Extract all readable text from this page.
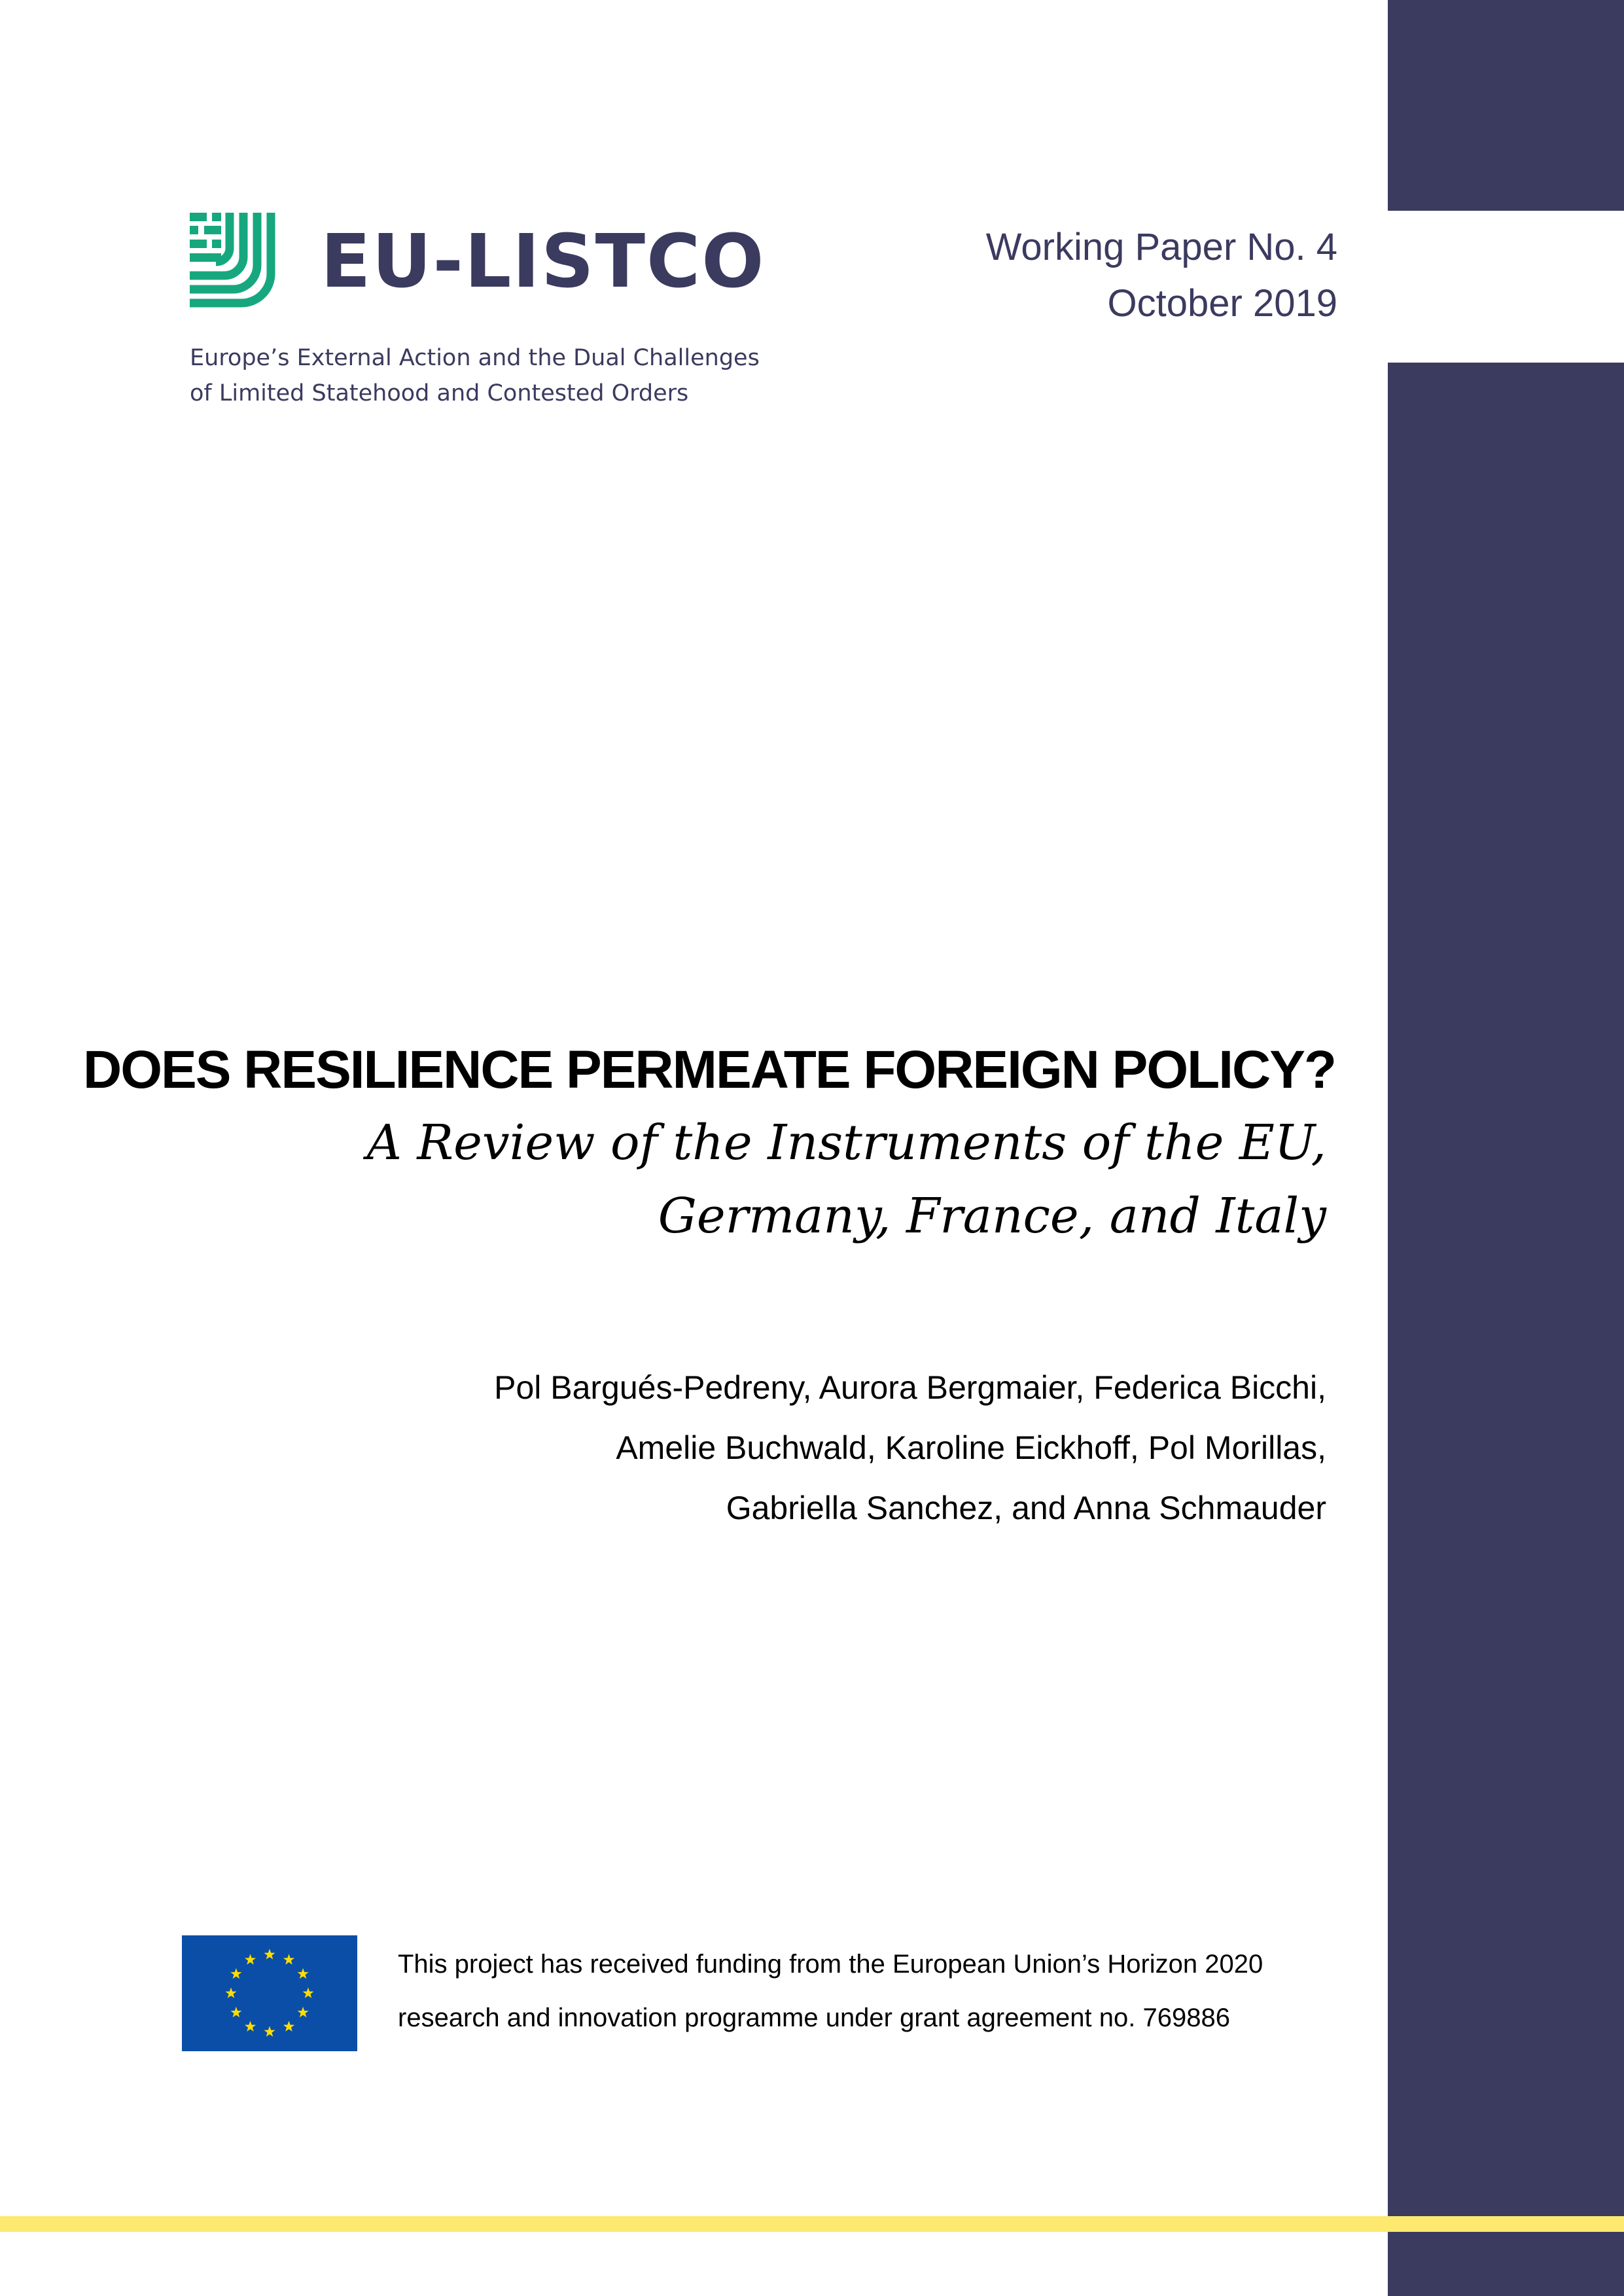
EU-LISTCO
Europe’s External Action and the Dual Challenges
of Limited Statehood and Contested Orders
Working Paper No. 4
October 2019
DOES RESILIENCE PERMEATE FOREIGN POLICY?
A Review of the Instruments of the EU,
Germany, France, and Italy
Pol Bargués-Pedreny, Aurora Bergmaier, Federica Bicchi,
Amelie Buchwald, Karoline Eickhoff, Pol Morillas,
Gabriella Sanchez, and Anna Schmauder
This project has received funding from the European Union’s Horizon 2020
research and innovation programme under grant agreement no. 769886
